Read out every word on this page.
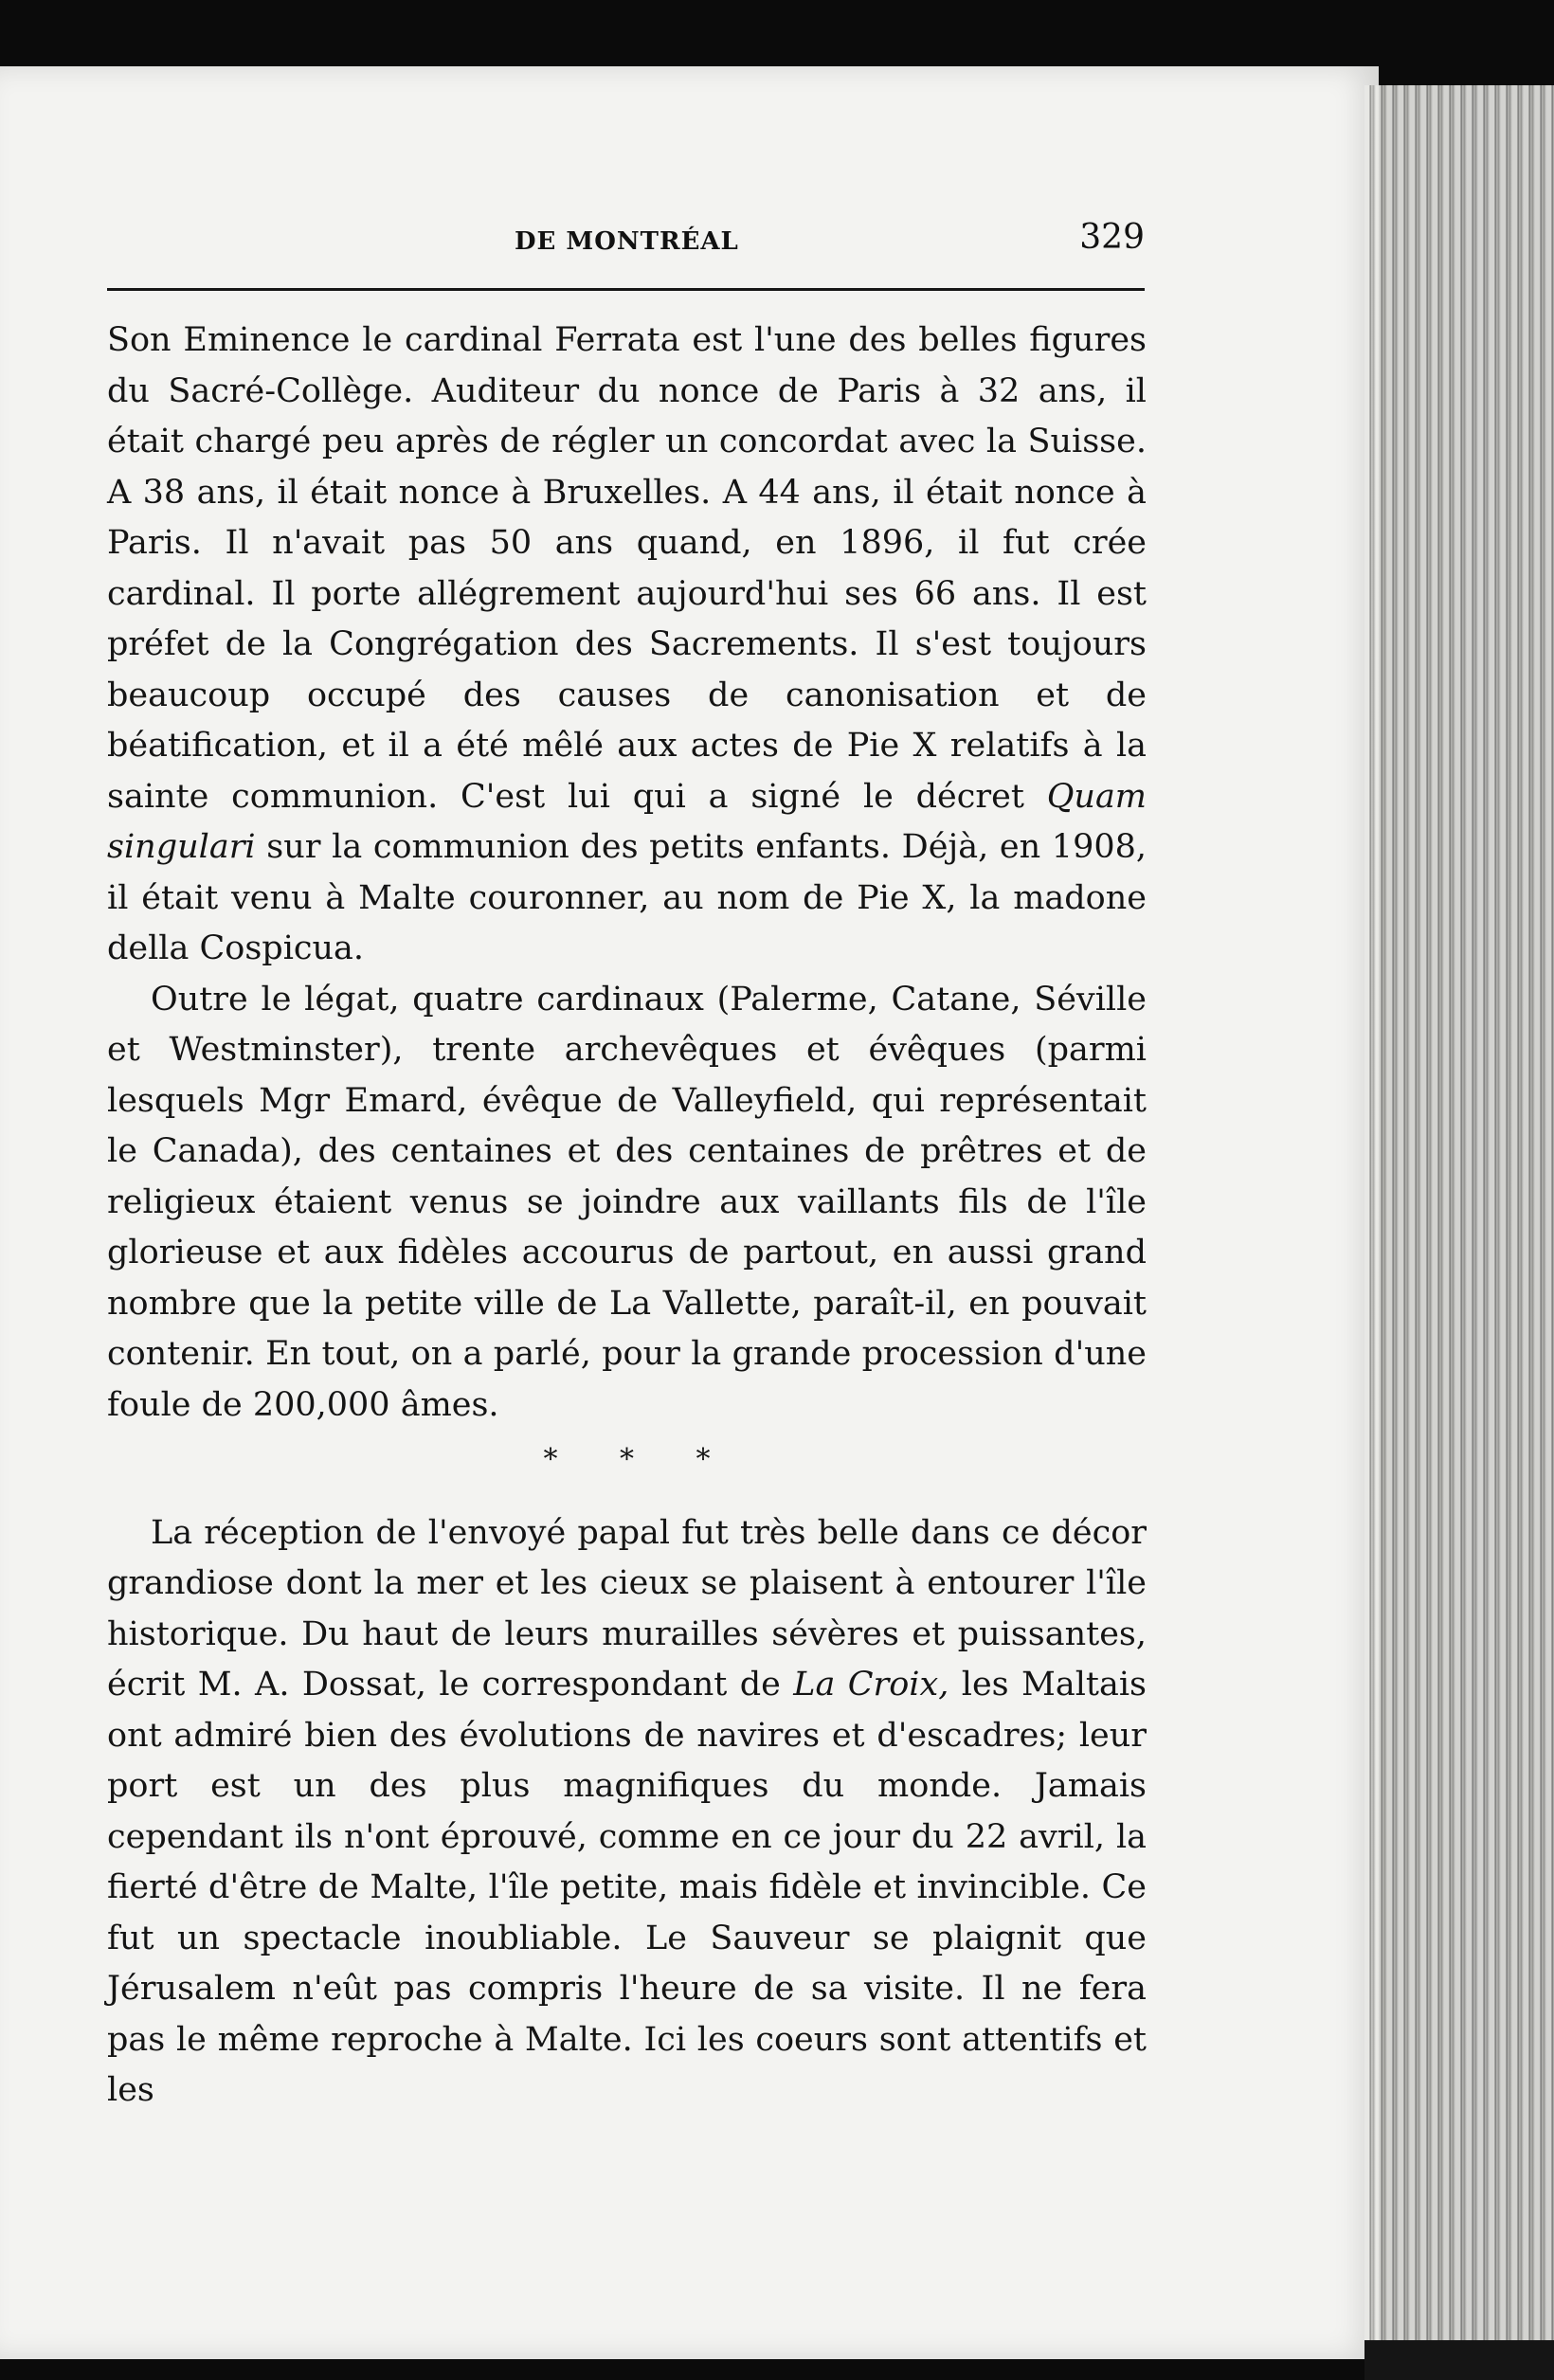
DE MONTRÉAL	329

Son Eminence le cardinal Ferrata est l'une des belles figures du Sacré-Collège. Auditeur du nonce de Paris à 32 ans, il était chargé peu après de régler un concordat avec la Suisse. A 38 ans, il était nonce à Bruxelles. A 44 ans, il était nonce à Paris. Il n'avait pas 50 ans quand, en 1896, il fut crée cardinal. Il porte allégrement aujourd'hui ses 66 ans. Il est préfet de la Congrégation des Sacrements. Il s'est toujours beaucoup occupé des causes de canonisation et de béatification, et il a été mêlé aux actes de Pie X relatifs à la sainte communion. C'est lui qui a signé le décret Quam singulari sur la communion des petits enfants. Déjà, en 1908, il était venu à Malte couronner, au nom de Pie X, la madone della Cospicua.

Outre le légat, quatre cardinaux (Palerme, Catane, Séville et Westminster), trente archevêques et évêques (parmi lesquels Mgr Emard, évêque de Valleyfield, qui représentait le Canada), des centaines et des centaines de prêtres et de religieux étaient venus se joindre aux vaillants fils de l'île glorieuse et aux fidèles accourus de partout, en aussi grand nombre que la petite ville de La Vallette, paraît-il, en pouvait contenir. En tout, on a parlé, pour la grande procession d'une foule de 200,000 âmes.

* * *

La réception de l'envoyé papal fut très belle dans ce décor grandiose dont la mer et les cieux se plaisent à entourer l'île historique. Du haut de leurs murailles sévères et puissantes, écrit M. A. Dossat, le correspondant de La Croix, les Maltais ont admiré bien des évolutions de navires et d'escadres; leur port est un des plus magnifiques du monde. Jamais cependant ils n'ont éprouvé, comme en ce jour du 22 avril, la fierté d'être de Malte, l'île petite, mais fidèle et invincible. Ce fut un spectacle inoubliable. Le Sauveur se plaignit que Jérusalem n'eût pas compris l'heure de sa visite. Il ne fera pas le même reproche à Malte. Ici les coeurs sont attentifs et les
